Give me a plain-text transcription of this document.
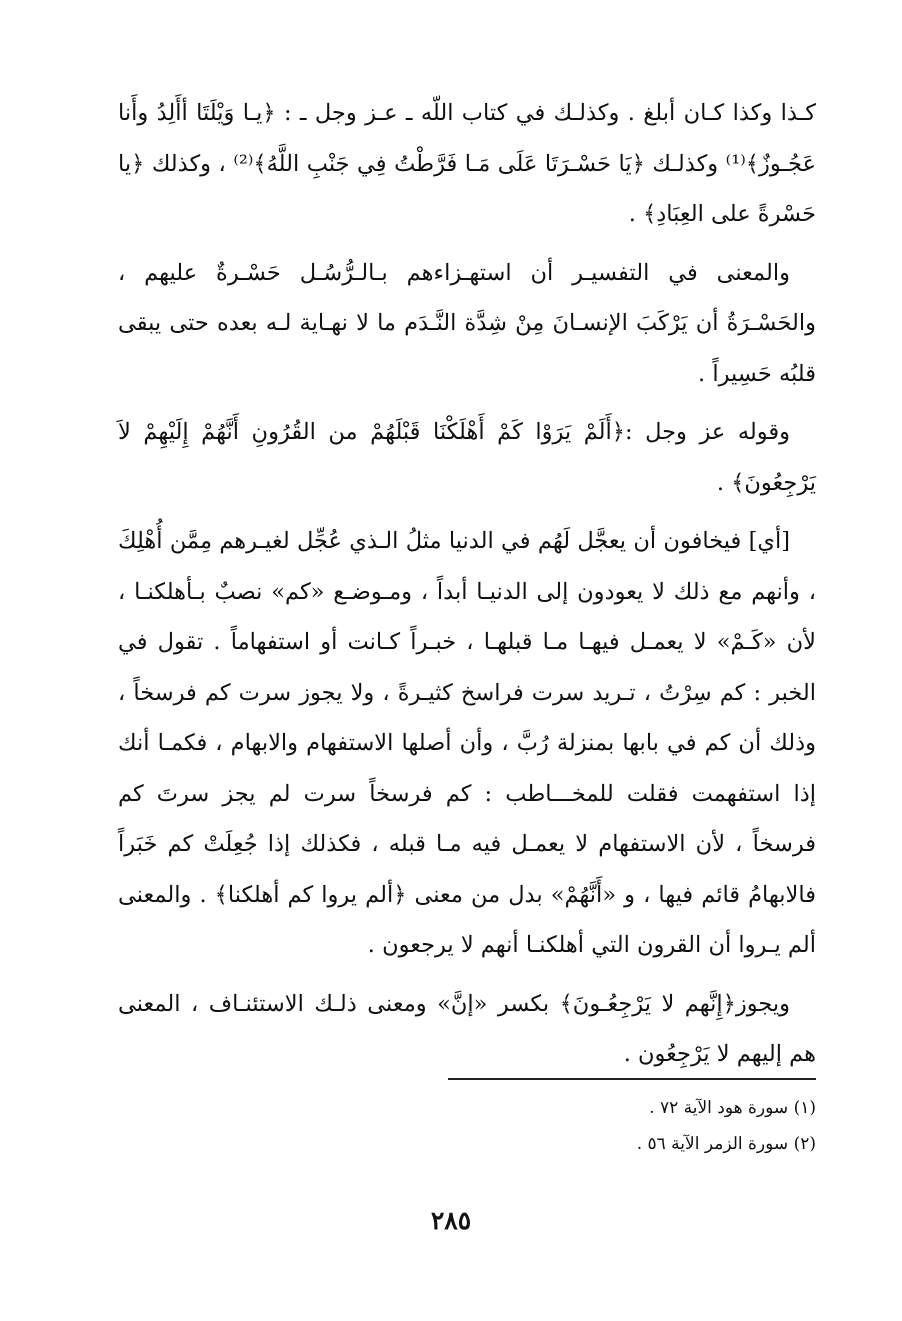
كـذا وكذا كـان أبلغ . وكذلـك في كتاب اللّه ـ عـز وجل ـ : ﴿يـا وَيْلَتَا أأَلِدُ وأَنا عَجُـوزٌ﴾⁽¹⁾ وكذلـك ﴿يَا حَسْـرَتَا عَلَى مَـا فَرَّطْتُ فِي جَنْبِ اللَّهُ﴾⁽²⁾ ، وكذلك ﴿يا حَسْرةً على العِبَادِ﴾ .

والمعنى في التفسيـر أن استهـزاءهم بـالـرُّسُـل حَسْـرةٌ عليهم ، والحَسْـرَةُ أن يَرْكَبَ الإنسـانَ مِنْ شِدَّة النَّـدَم ما لا نهـاية لـه بعده حتى يبقى قلبُه حَسِيراً .

وقوله عز وجل :﴿أَلَمْ يَرَوْا كَمْ أَهْلَكْنَا قَبْلَهُمْ من القُرُونِ أَنَّهُمْ إِلَيْهِمْ لاَ يَرْجِعُونَ﴾ .

[أي] فيخافون أن يعجَّل لَهُم في الدنيا مثلُ الـذي عُجِّل لغيـرهم مِمَّن أُهْلِكَ ، وأنهم مع ذلك لا يعودون إلى الدنيـا أبداً ، ومـوضـع «كم» نصبٌ بـأهلكنـا ، لأن «كَـمْ» لا يعمـل فيهـا مـا قبلهـا ، خبـراً كـانت أو استفهاماً . تقول في الخبر : كم سِرْتُ ، تـريد سرت فراسخ كثيـرةً ، ولا يجوز سرت كم فرسخاً ، وذلك أن كم في بابها بمنزلة رُبَّ ، وأن أصلها الاستفهام والابهام ، فكمـا أنك إذا استفهمت فقلت للمخـــاطب : كم فرسخاً سرت لم يجز سرتَ كم فرسخاً ، لأن الاستفهام لا يعمـل فيه مـا قبله ، فكذلك إذا جُعِلَتْ كم خَبَراً فالابهامُ قائم فيها ، و «أَنَّهُمْ» بدل من معنى ﴿ألم يروا كم أهلكنا﴾ . والمعنى ألم يـروا أن القرون التي أهلكنـا أنهم لا يرجعون .

ويجوز﴿إِنَّهم لا يَرْجِعُـونَ﴾ بكسر «إنَّ» ومعنى ذلـك الاستئنـاف ، المعنى هم إليهم لا يَرْجِعُون .

(١) سورة هود الآية ٧٢ .

(٢) سورة الزمر الآية ٥٦ .

٢٨٥
